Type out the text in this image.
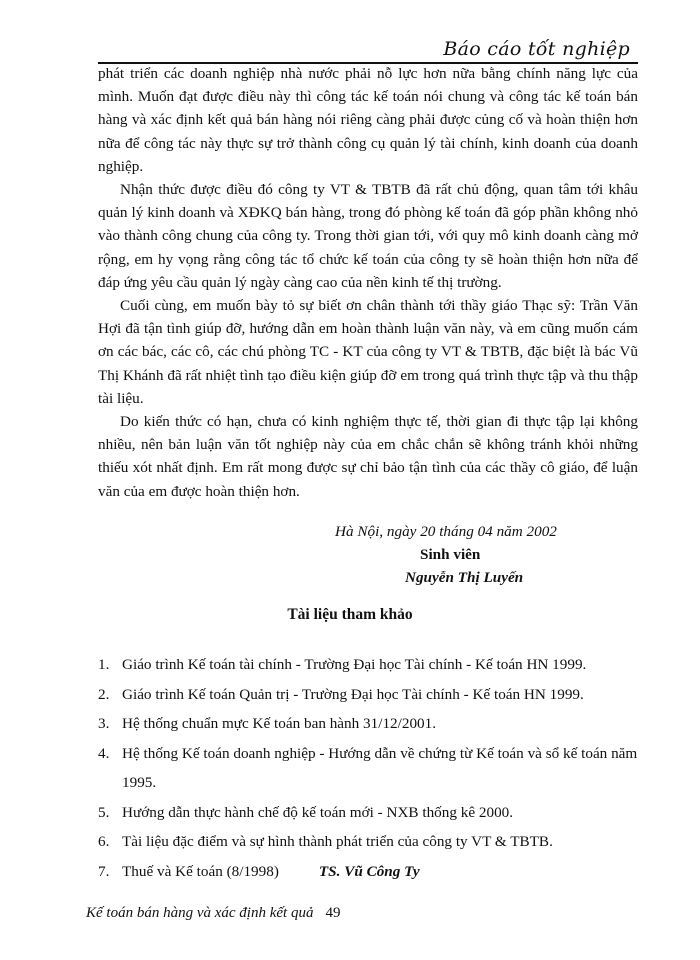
Báo cáo tốt nghiệp

phát triển các doanh nghiệp nhà nước phải nỗ lực hơn nữa bằng chính năng lực của mình. Muốn đạt được điều này thì công tác kế toán nói chung và công tác kế toán bán hàng và xác định kết quả bán hàng nói riêng càng phải được củng cố và hoàn thiện hơn nữa để công tác này thực sự trở thành công cụ quản lý tài chính, kinh doanh của doanh nghiệp.

Nhận thức được điều đó công ty VT & TBTB đã rất chủ động, quan tâm tới khâu quản lý kinh doanh và XĐKQ bán hàng, trong đó phòng kế toán đã góp phần không nhỏ vào thành công chung của công ty. Trong thời gian tới, với quy mô kinh doanh càng mở rộng, em hy vọng rằng công tác tổ chức kế toán của công ty sẽ hoàn thiện hơn nữa để đáp ứng yêu cầu quản lý ngày càng cao của nền kinh tế thị trường.

Cuối cùng, em muốn bày tỏ sự biết ơn chân thành tới thầy giáo Thạc sỹ: Trần Văn Hợi đã tận tình giúp đỡ, hướng dẫn em hoàn thành luận văn này, và em cũng muốn cám ơn các bác, các cô, các chú phòng TC - KT của công ty VT & TBTB, đặc biệt là bác Vũ Thị Khánh đã rất nhiệt tình tạo điều kiện giúp đỡ em trong quá trình thực tập và thu thập tài liệu.

Do kiến thức có hạn, chưa có kinh nghiệm thực tế, thời gian đi thực tập lại không nhiều, nên bản luận văn tốt nghiệp này của em chắc chắn sẽ không tránh khỏi những thiếu xót nhất định. Em rất mong được sự chỉ bảo tận tình của các thầy cô giáo, để luận văn của em được hoàn thiện hơn.

Hà Nội, ngày 20 tháng 04 năm 2002
Sinh viên
Nguyễn Thị Luyến
Tài liệu tham khảo
1. Giáo trình Kế toán tài chính - Trường Đại học Tài chính - Kế toán HN 1999.
2. Giáo trình Kế toán Quản trị - Trường Đại học Tài chính - Kế toán HN 1999.
3. Hệ thống chuẩn mực Kế toán ban hành 31/12/2001.
4. Hệ thống Kế toán doanh nghiệp - Hướng dẫn về chứng từ Kế toán và sổ kế toán năm 1995.
5. Hướng dẫn thực hành chế độ kế toán mới - NXB thống kê 2000.
6. Tài liệu đặc điểm và sự hình thành phát triển của công ty VT & TBTB.
7. Thuế và Kế toán (8/1998)	TS. Vũ Công Ty
Kế toán bán hàng và xác định kết quả 49
